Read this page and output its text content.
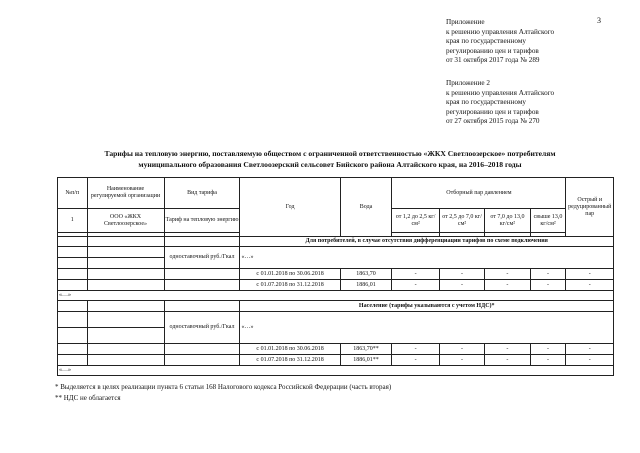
3
Приложение
к решению управления Алтайского
края по государственному
регулированию цен и тарифов
от 31 октября 2017 года № 289
Приложение 2
к решению управления Алтайского
края по государственному
регулированию цен и тарифов
от 27 октября 2015 года № 270
Тарифы на тепловую энергию, поставляемую обществом с ограниченной ответственностью «ЖКХ Светлоозерское» потребителям
муниципального образования Светлоозерский сельсовет Бийского района Алтайского края, на 2016–2018 годы
№п/п	Наименование регулируемой организации	Вид тарифа	Год	Вода	Отборный пар давлением				Острый и редуцированный пар

1	ООО «ЖКХ Светлоозерское»	Тариф на тепловую энергию			от 1,2 до 2,5 кг/см²	от 2,5 до 7,0 кг/см²	от 7,0 до 13,0 кг/см²	свыше 13,0 кг/см²	

			Для потребителей, в случае отсутствия дифференциации тарифов по схеме подключения						
		одноставочный руб./Гкал	«…»						

			с 01.01.2018 по 30.06.2018	1863,70	-	-	-	-	-
			с 01.07.2018 по 31.12.2018	1886,01	-	-	-	-	-
«…»									
			Население (тарифы указываются с учетом НДС)*						
		одноставочный руб./Гкал	«…»						

			с 01.01.2018 по 30.06.2018	1863,70**	-	-	-	-	-
			с 01.07.2018 по 31.12.2018	1886,01**	-	-	-	-	-
«…»									
* Выделяется в целях реализации пункта 6 статьи 168 Налогового кодекса Российской Федерации (часть вторая)
** НДС не облагается
